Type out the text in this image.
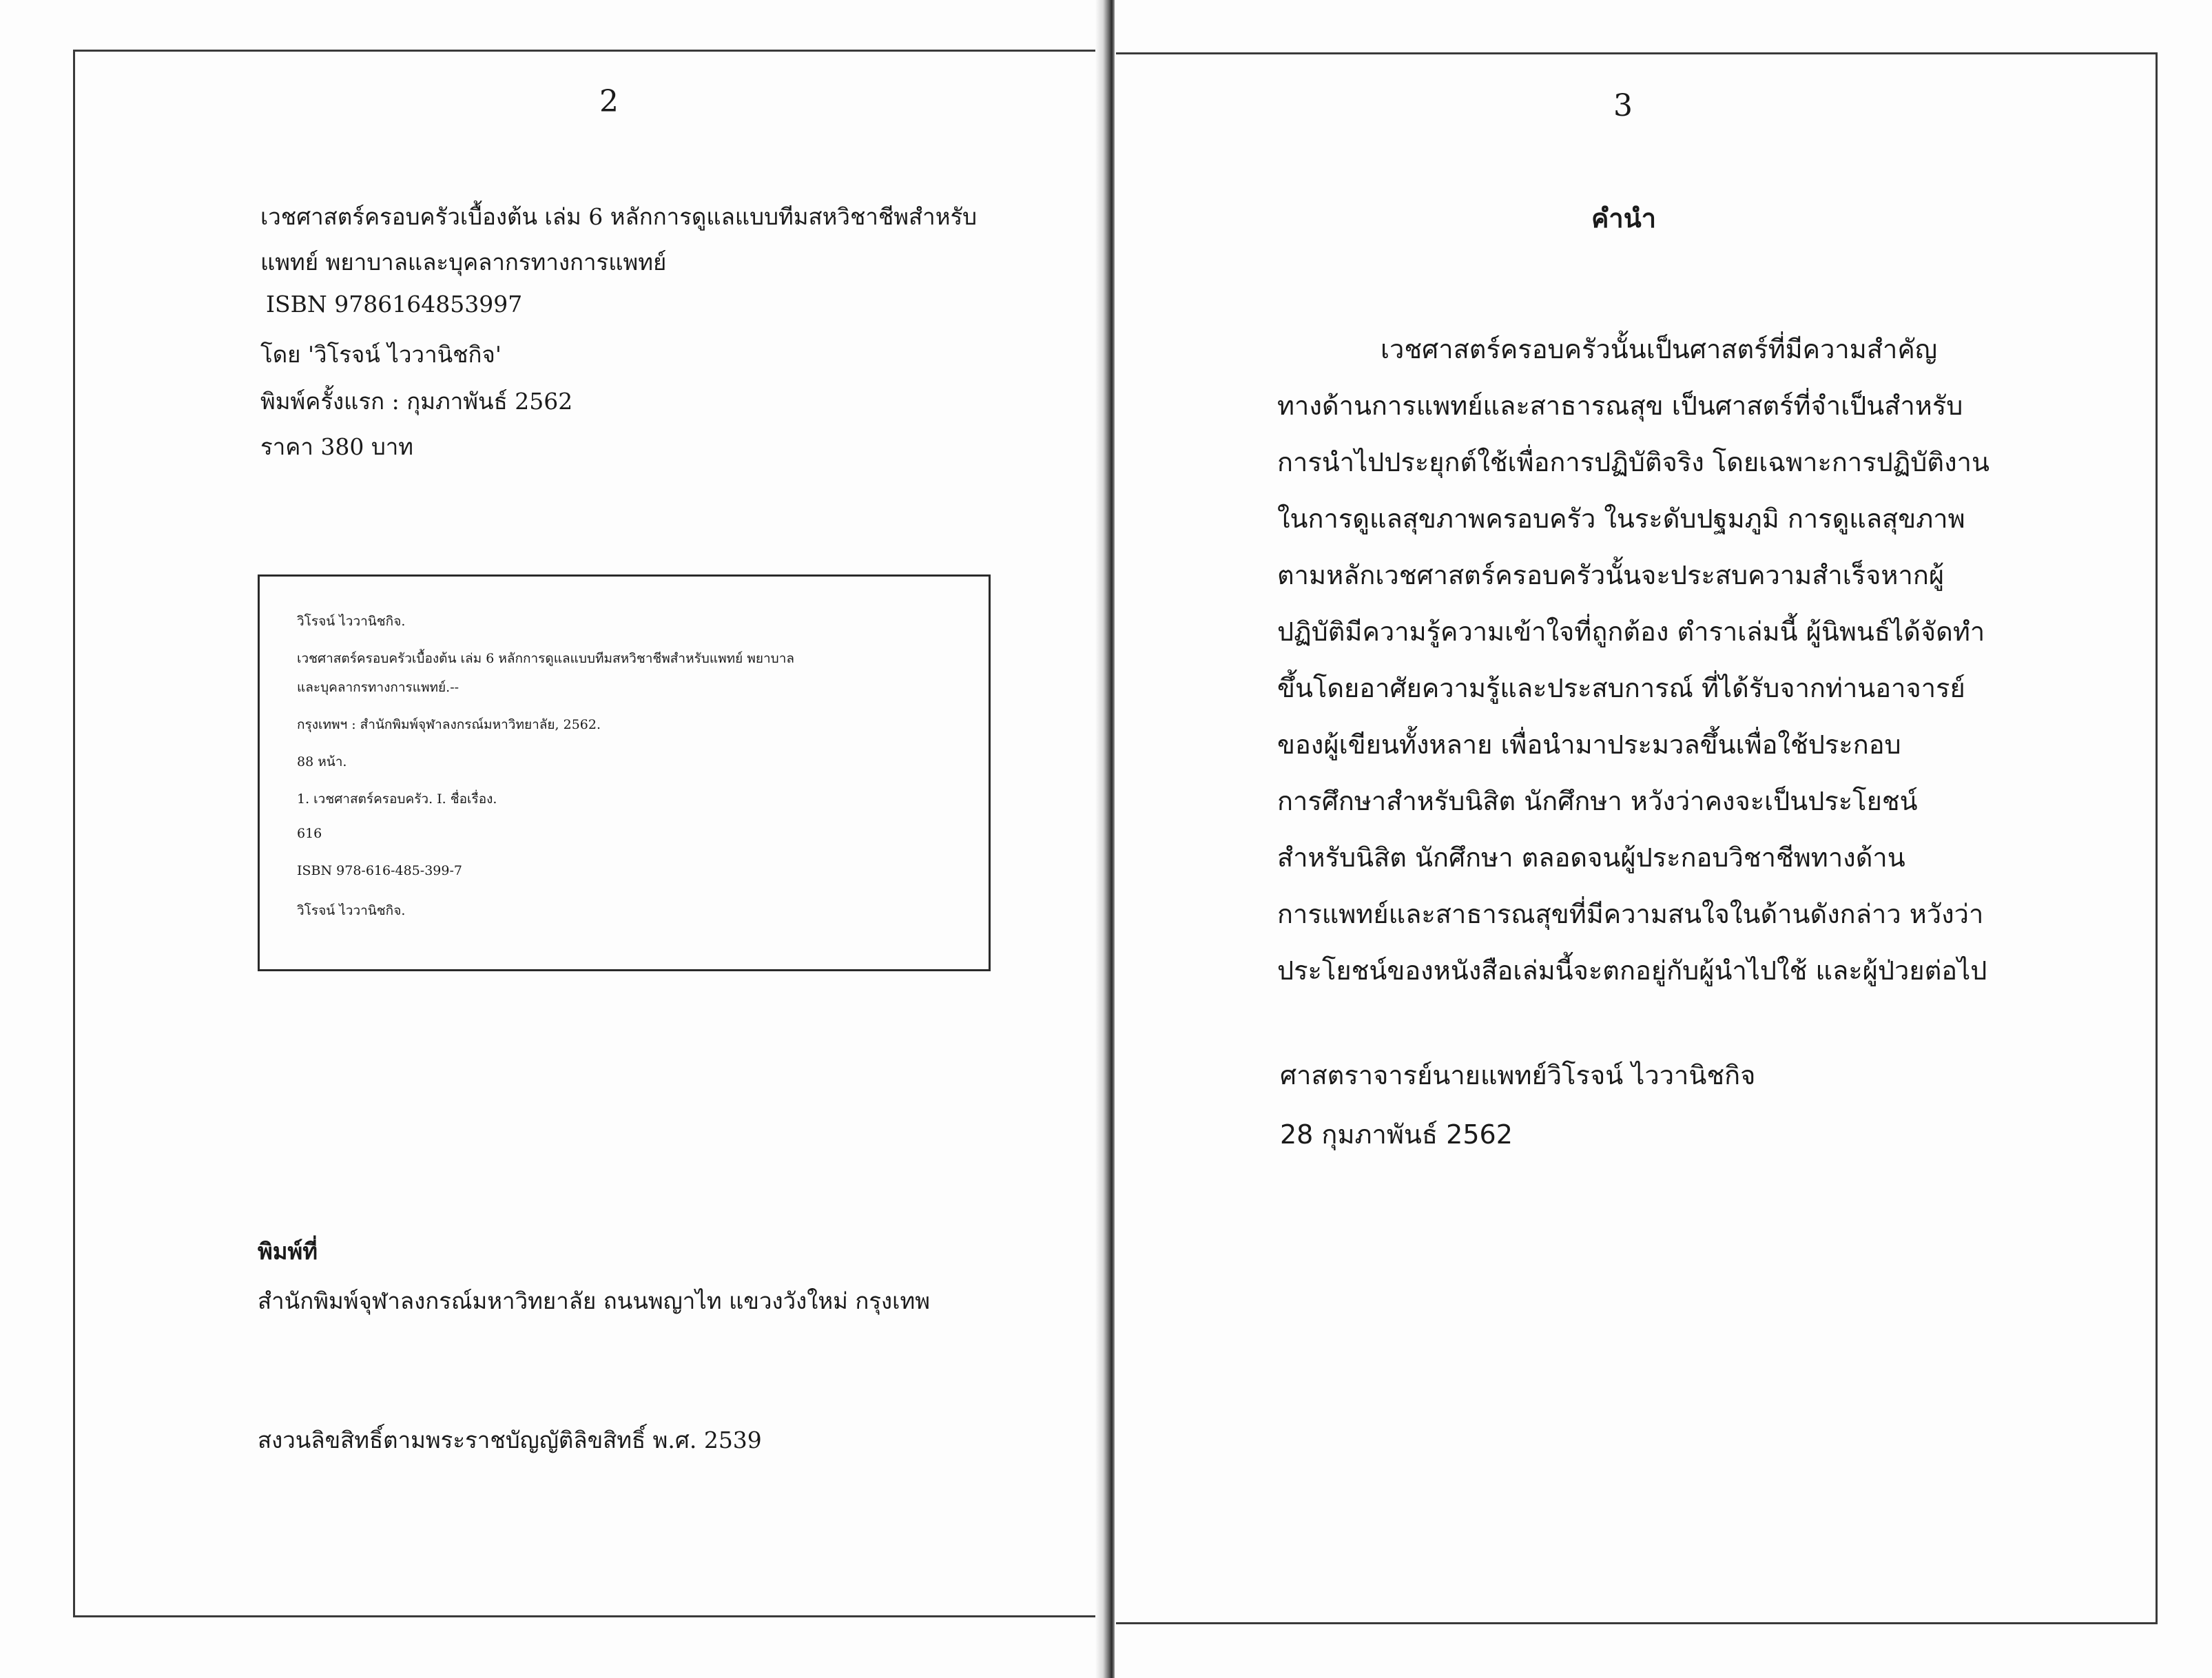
2
เวชศาสตร์ครอบครัวเบื้องต้น เล่ม 6 หลักการดูแลแบบทีมสหวิชาชีพสำหรับ
แพทย์ พยาบาลและบุคลากรทางการแพทย์
ISBN 9786164853997
โดย 'วิโรจน์ ไววานิชกิจ'
พิมพ์ครั้งแรก : กุมภาพันธ์ 2562
ราคา 380 บาท
วิโรจน์ ไววานิชกิจ.
เวชศาสตร์ครอบครัวเบื้องต้น เล่ม 6 หลักการดูแลแบบทีมสหวิชาชีพสำหรับแพทย์ พยาบาล
และบุคลากรทางการแพทย์.--
กรุงเทพฯ : สำนักพิมพ์จุฬาลงกรณ์มหาวิทยาลัย, 2562.
88 หน้า.
1. เวชศาสตร์ครอบครัว. I. ชื่อเรื่อง.
616
ISBN 978-616-485-399-7
วิโรจน์ ไววานิชกิจ.
พิมพ์ที่
สำนักพิมพ์จุฬาลงกรณ์มหาวิทยาลัย ถนนพญาไท แขวงวังใหม่ กรุงเทพ
สงวนลิขสิทธิ์ตามพระราชบัญญัติลิขสิทธิ์ พ.ศ. 2539
3
คำนำ
เวชศาสตร์ครอบครัวนั้นเป็นศาสตร์ที่มีความสำคัญ
ทางด้านการแพทย์และสาธารณสุข เป็นศาสตร์ที่จำเป็นสำหรับ
การนำไปประยุกต์ใช้เพื่อการปฏิบัติจริง โดยเฉพาะการปฏิบัติงาน
ในการดูแลสุขภาพครอบครัว ในระดับปฐมภูมิ การดูแลสุขภาพ
ตามหลักเวชศาสตร์ครอบครัวนั้นจะประสบความสำเร็จหากผู้
ปฏิบัติมีความรู้ความเข้าใจที่ถูกต้อง ตำราเล่มนี้ ผู้นิพนธ์ได้จัดทำ
ขึ้นโดยอาศัยความรู้และประสบการณ์ ที่ได้รับจากท่านอาจารย์
ของผู้เขียนทั้งหลาย เพื่อนำมาประมวลขึ้นเพื่อใช้ประกอบ
การศึกษาสำหรับนิสิต นักศึกษา หวังว่าคงจะเป็นประโยชน์
สำหรับนิสิต นักศึกษา ตลอดจนผู้ประกอบวิชาชีพทางด้าน
การแพทย์และสาธารณสุขที่มีความสนใจในด้านดังกล่าว หวังว่า
ประโยชน์ของหนังสือเล่มนี้จะตกอยู่กับผู้นำไปใช้ และผู้ป่วยต่อไป
ศาสตราจารย์นายแพทย์วิโรจน์ ไววานิชกิจ
28 กุมภาพันธ์ 2562
